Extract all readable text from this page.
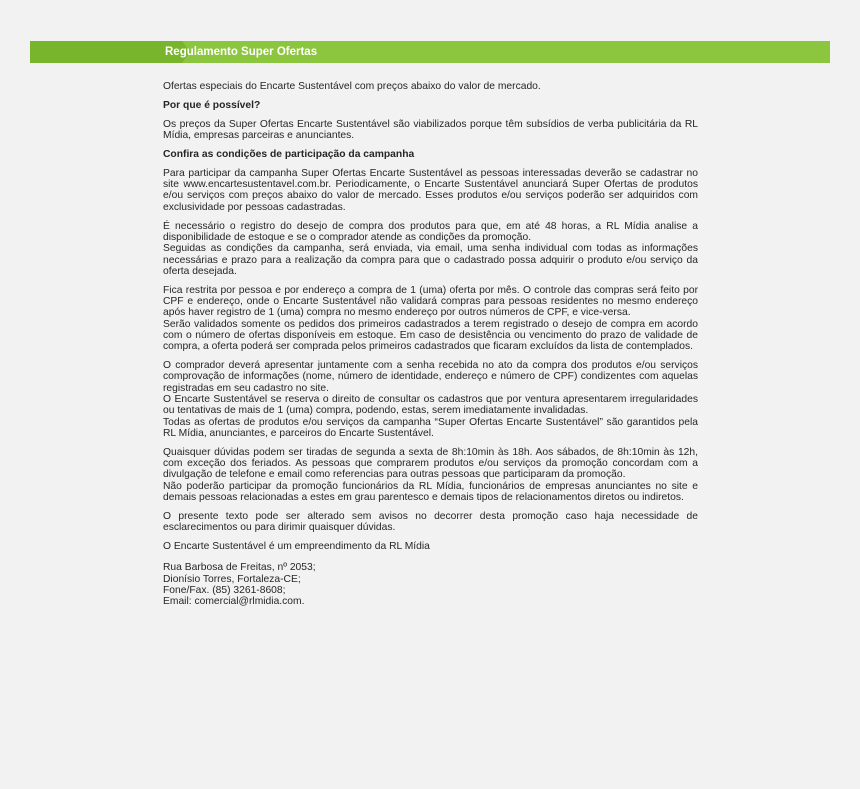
Regulamento Super Ofertas

Ofertas especiais do Encarte Sustentável com preços abaixo do valor de mercado.

Por que é possível?

Os preços da Super Ofertas Encarte Sustentável são viabilizados porque têm subsídios de verba publicitária da RL Mídia, empresas parceiras e anunciantes.

Confira as condições de participação da campanha

Para participar da campanha Super Ofertas Encarte Sustentável as pessoas interessadas deverão se cadastrar no site www.encartesustentavel.com.br. Periodicamente, o Encarte Sustentável anunciará Super Ofertas de produtos e/ou serviços com preços abaixo do valor de mercado. Esses produtos e/ou serviços poderão ser adquiridos com exclusividade por pessoas cadastradas.

É necessário o registro do desejo de compra dos produtos para que, em até 48 horas, a RL Mídia analise a disponibilidade de estoque e se o comprador atende as condições da promoção.
Seguidas as condições da campanha, será enviada, via email, uma senha individual com todas as informações necessárias e prazo para a realização da compra para que o cadastrado possa adquirir o produto e/ou serviço da oferta desejada.

Fica restrita por pessoa e por endereço a compra de 1 (uma) oferta por mês. O controle das compras será feito por CPF e endereço, onde o Encarte Sustentável não validará compras para pessoas residentes no mesmo endereço após haver registro de 1 (uma) compra no mesmo endereço por outros números de CPF, e vice-versa.
Serão validados somente os pedidos dos primeiros cadastrados a terem registrado o desejo de compra em acordo com o número de ofertas disponíveis em estoque. Em caso de desistência ou vencimento do prazo de validade de compra, a oferta poderá ser comprada pelos primeiros cadastrados que ficaram excluídos da lista de contemplados.

O comprador deverá apresentar juntamente com a senha recebida no ato da compra dos produtos e/ou serviços comprovação de informações (nome, número de identidade, endereço e número de CPF) condizentes com aquelas registradas em seu cadastro no site.
O Encarte Sustentável se reserva o direito de consultar os cadastros que por ventura apresentarem irregularidades ou tentativas de mais de 1 (uma) compra, podendo, estas, serem imediatamente invalidadas.
Todas as ofertas de produtos e/ou serviços da campanha “Super Ofertas Encarte Sustentável” são garantidos pela RL Mídia, anunciantes, e parceiros do Encarte Sustentável.

Quaisquer dúvidas podem ser tiradas de segunda a sexta de 8h:10min às 18h. Aos sábados, de 8h:10min às 12h, com exceção dos feriados. As pessoas que comprarem produtos e/ou serviços da promoção concordam com a divulgação de telefone e email como referencias para outras pessoas que participaram da promoção.
Não poderão participar da promoção funcionários da RL Mídia, funcionários de empresas anunciantes no site e demais pessoas relacionadas a estes em grau parentesco e demais tipos de relacionamentos diretos ou indiretos.

O presente texto pode ser alterado sem avisos no decorrer desta promoção caso haja necessidade de esclarecimentos ou para dirimir quaisquer dúvidas.

O Encarte Sustentável é um empreendimento da RL Mídia

Rua Barbosa de Freitas, nº 2053;
Dionísio Torres, Fortaleza-CE;
Fone/Fax. (85) 3261-8608;
Email: comercial@rlmidia.com.
